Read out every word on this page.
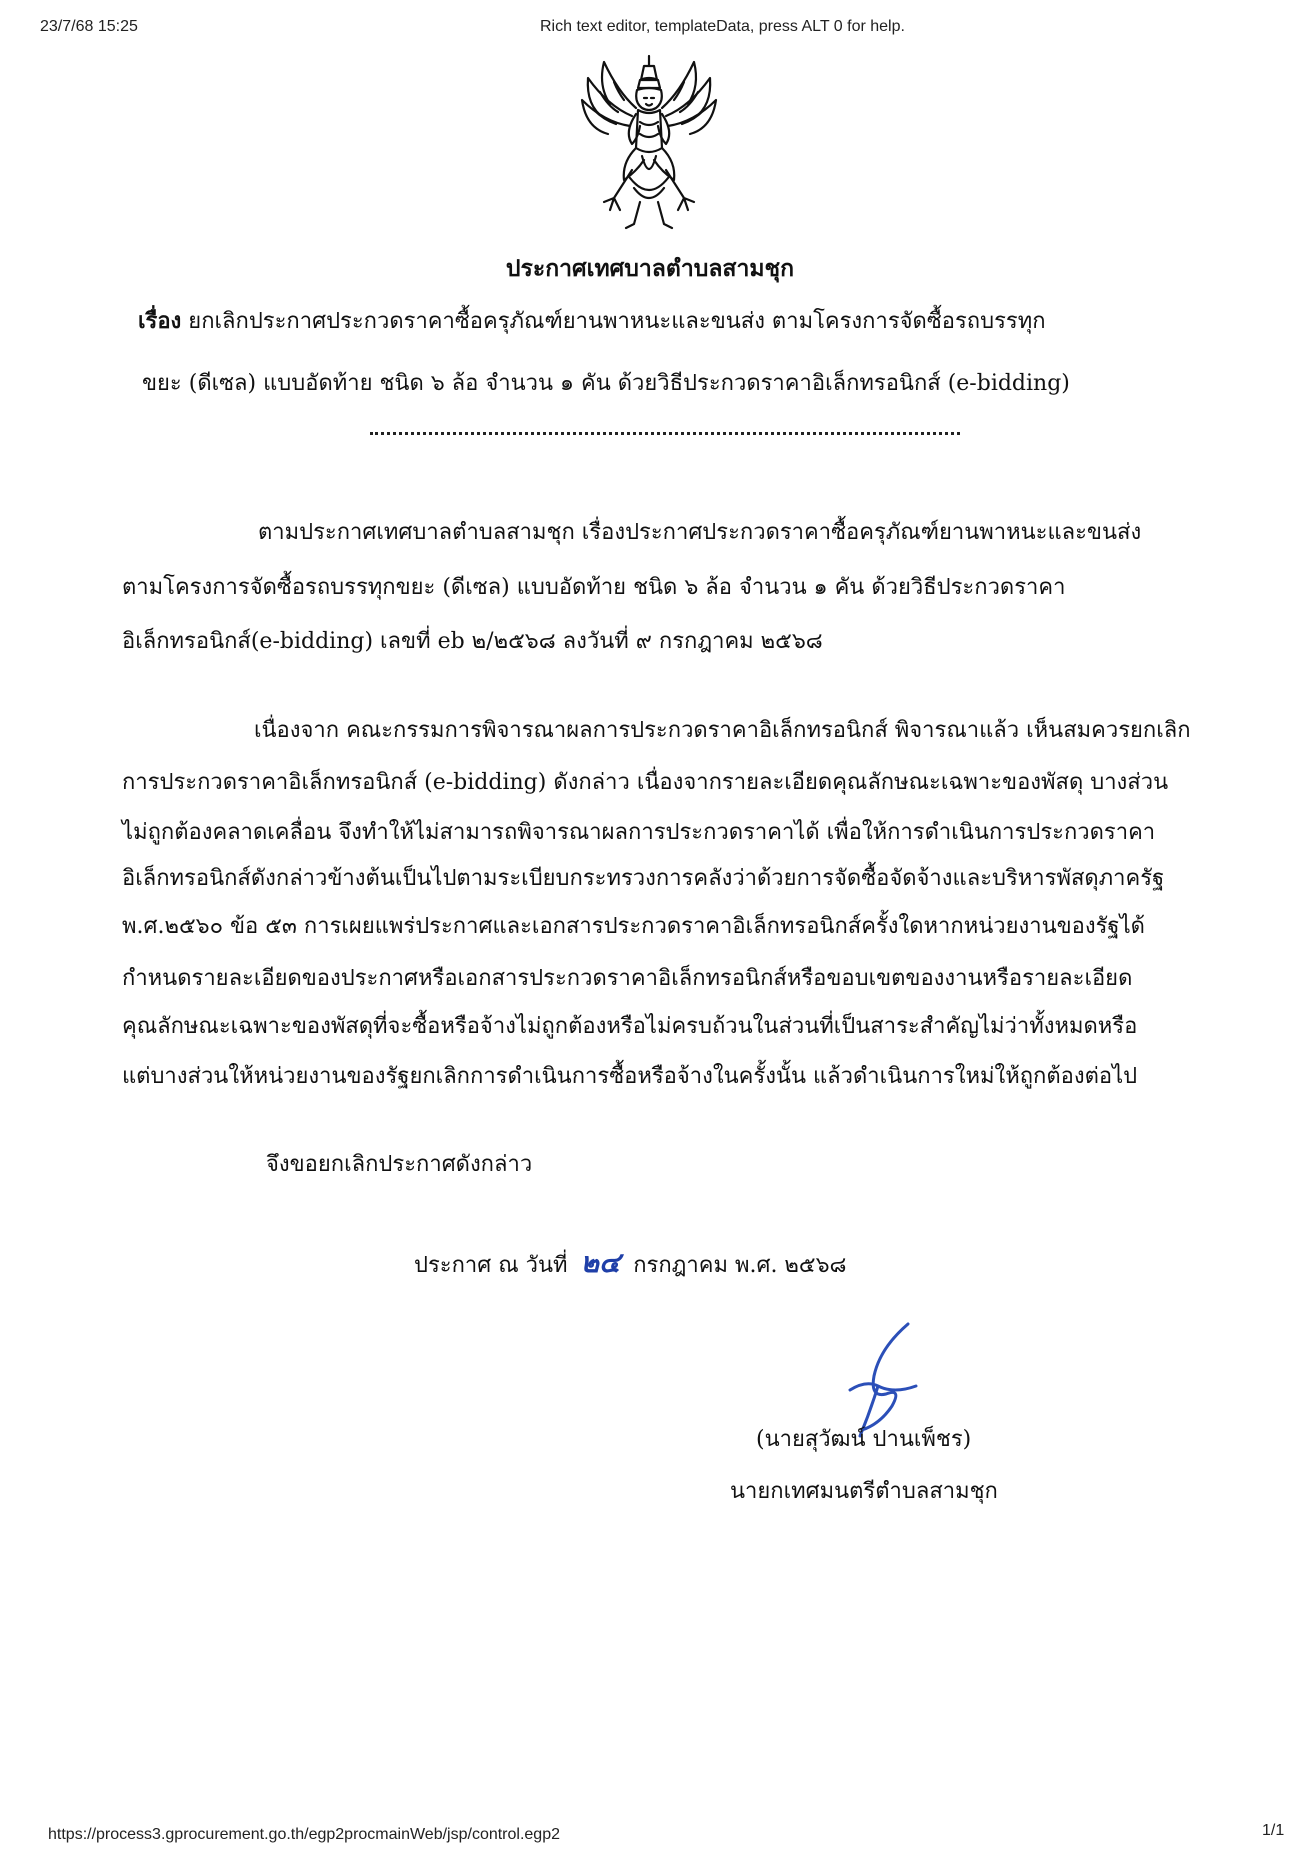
23/7/68 15:25	Rich text editor, templateData, press ALT 0 for help.
ประกาศเทศบาลตำบลสามชุก
เรื่อง ยกเลิกประกาศประกวดราคาซื้อครุภัณฑ์ยานพาหนะและขนส่ง ตามโครงการจัดซื้อรถบรรทุก
ขยะ (ดีเซล) แบบอัดท้าย ชนิด ๖ ล้อ จำนวน ๑ คัน ด้วยวิธีประกวดราคาอิเล็กทรอนิกส์ (e-bidding)
ตามประกาศเทศบาลตำบลสามชุก เรื่องประกาศประกวดราคาซื้อครุภัณฑ์ยานพาหนะและขนส่ง
ตามโครงการจัดซื้อรถบรรทุกขยะ (ดีเซล) แบบอัดท้าย ชนิด ๖ ล้อ จำนวน ๑ คัน ด้วยวิธีประกวดราคา
อิเล็กทรอนิกส์(e-bidding) เลขที่ eb ๒/๒๕๖๘ ลงวันที่ ๙ กรกฎาคม ๒๕๖๘
เนื่องจาก คณะกรรมการพิจารณาผลการประกวดราคาอิเล็กทรอนิกส์ พิจารณาแล้ว เห็นสมควรยกเลิก
การประกวดราคาอิเล็กทรอนิกส์ (e-bidding) ดังกล่าว เนื่องจากรายละเอียดคุณลักษณะเฉพาะของพัสดุ บางส่วน
ไม่ถูกต้องคลาดเคลื่อน จึงทำให้ไม่สามารถพิจารณาผลการประกวดราคาได้ เพื่อให้การดำเนินการประกวดราคา
อิเล็กทรอนิกส์ดังกล่าวข้างต้นเป็นไปตามระเบียบกระทรวงการคลังว่าด้วยการจัดซื้อจัดจ้างและบริหารพัสดุภาครัฐ
พ.ศ.๒๕๖๐ ข้อ ๕๓ การเผยแพร่ประกาศและเอกสารประกวดราคาอิเล็กทรอนิกส์ครั้งใดหากหน่วยงานของรัฐได้
กำหนดรายละเอียดของประกาศหรือเอกสารประกวดราคาอิเล็กทรอนิกส์หรือขอบเขตของงานหรือรายละเอียด
คุณลักษณะเฉพาะของพัสดุที่จะซื้อหรือจ้างไม่ถูกต้องหรือไม่ครบถ้วนในส่วนที่เป็นสาระสำคัญไม่ว่าทั้งหมดหรือ
แต่บางส่วนให้หน่วยงานของรัฐยกเลิกการดำเนินการซื้อหรือจ้างในครั้งนั้น แล้วดำเนินการใหม่ให้ถูกต้องต่อไป
จึงขอยกเลิกประกาศดังกล่าว
ประกาศ ณ วันที่ ๒๔ กรกฎาคม พ.ศ. ๒๕๖๘
(นายสุวัฒน์ ปานเพ็ชร)
นายกเทศมนตรีตำบลสามชุก
https://process3.gprocurement.go.th/egp2procmainWeb/jsp/control.egp2	1/1
